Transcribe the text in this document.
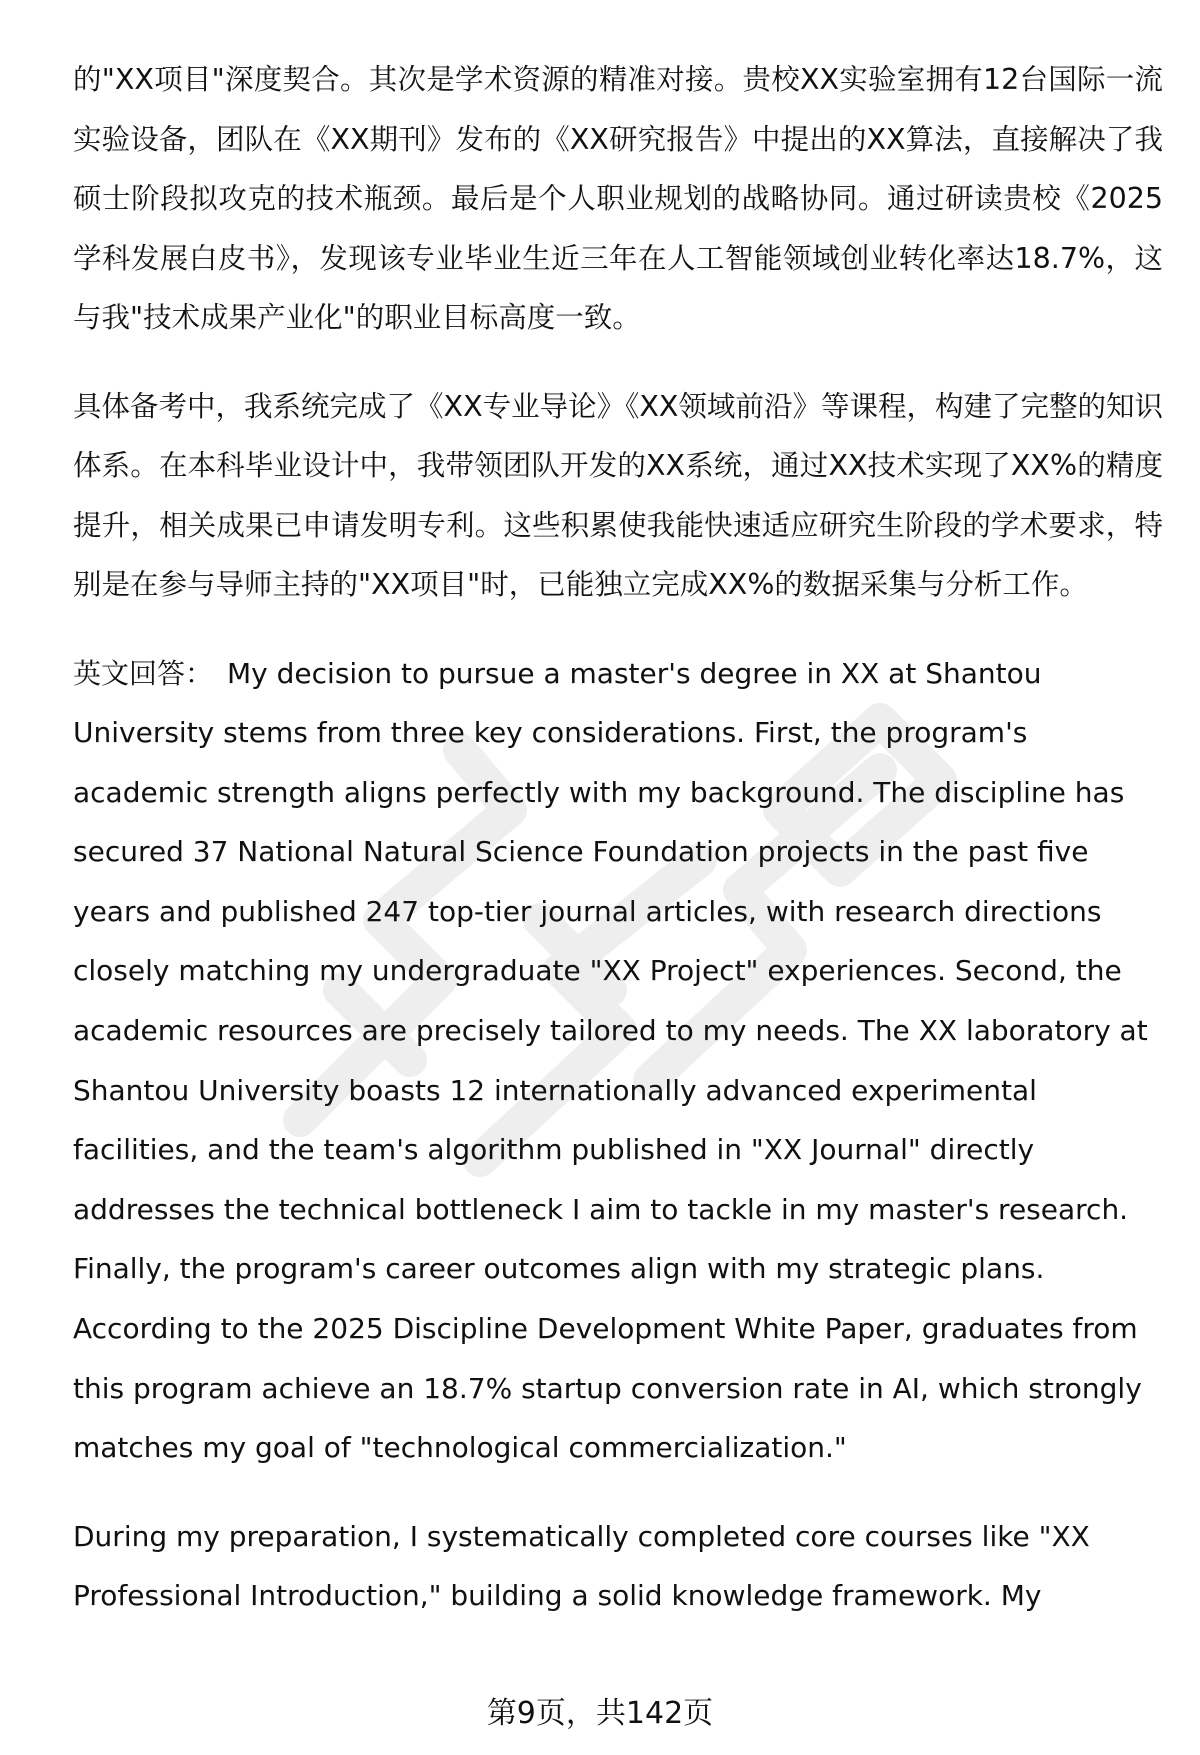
的"XX项目"深度契合。其次是学术资源的精准对接。贵校XX实验室拥有12台国际一流实验设备，团队在《XX期刊》发布的《XX研究报告》中提出的XX算法，直接解决了我硕士阶段拟攻克的技术瓶颈。最后是个人职业规划的战略协同。通过研读贵校《2025学科发展白皮书》，发现该专业毕业生近三年在人工智能领域创业转化率达18.7%，这与我"技术成果产业化"的职业目标高度一致。

具体备考中，我系统完成了《XX专业导论》《XX领域前沿》等课程，构建了完整的知识体系。在本科毕业设计中，我带领团队开发的XX系统，通过XX技术实现了XX%的精度提升，相关成果已申请发明专利。这些积累使我能快速适应研究生阶段的学术要求，特别是在参与导师主持的"XX项目"时，已能独立完成XX%的数据采集与分析工作。

英文回答： My decision to pursue a master's degree in XX at Shantou University stems from three key considerations. First, the program's academic strength aligns perfectly with my background. The discipline has secured 37 National Natural Science Foundation projects in the past five years and published 247 top-tier journal articles, with research directions closely matching my undergraduate "XX Project" experiences. Second, the academic resources are precisely tailored to my needs. The XX laboratory at Shantou University boasts 12 internationally advanced experimental facilities, and the team's algorithm published in "XX Journal" directly addresses the technical bottleneck I aim to tackle in my master's research. Finally, the program's career outcomes align with my strategic plans. According to the 2025 Discipline Development White Paper, graduates from this program achieve an 18.7% startup conversion rate in AI, which strongly matches my goal of "technological commercialization."

During my preparation, I systematically completed core courses like "XX Professional Introduction," building a solid knowledge framework. My

第9页，共142页
